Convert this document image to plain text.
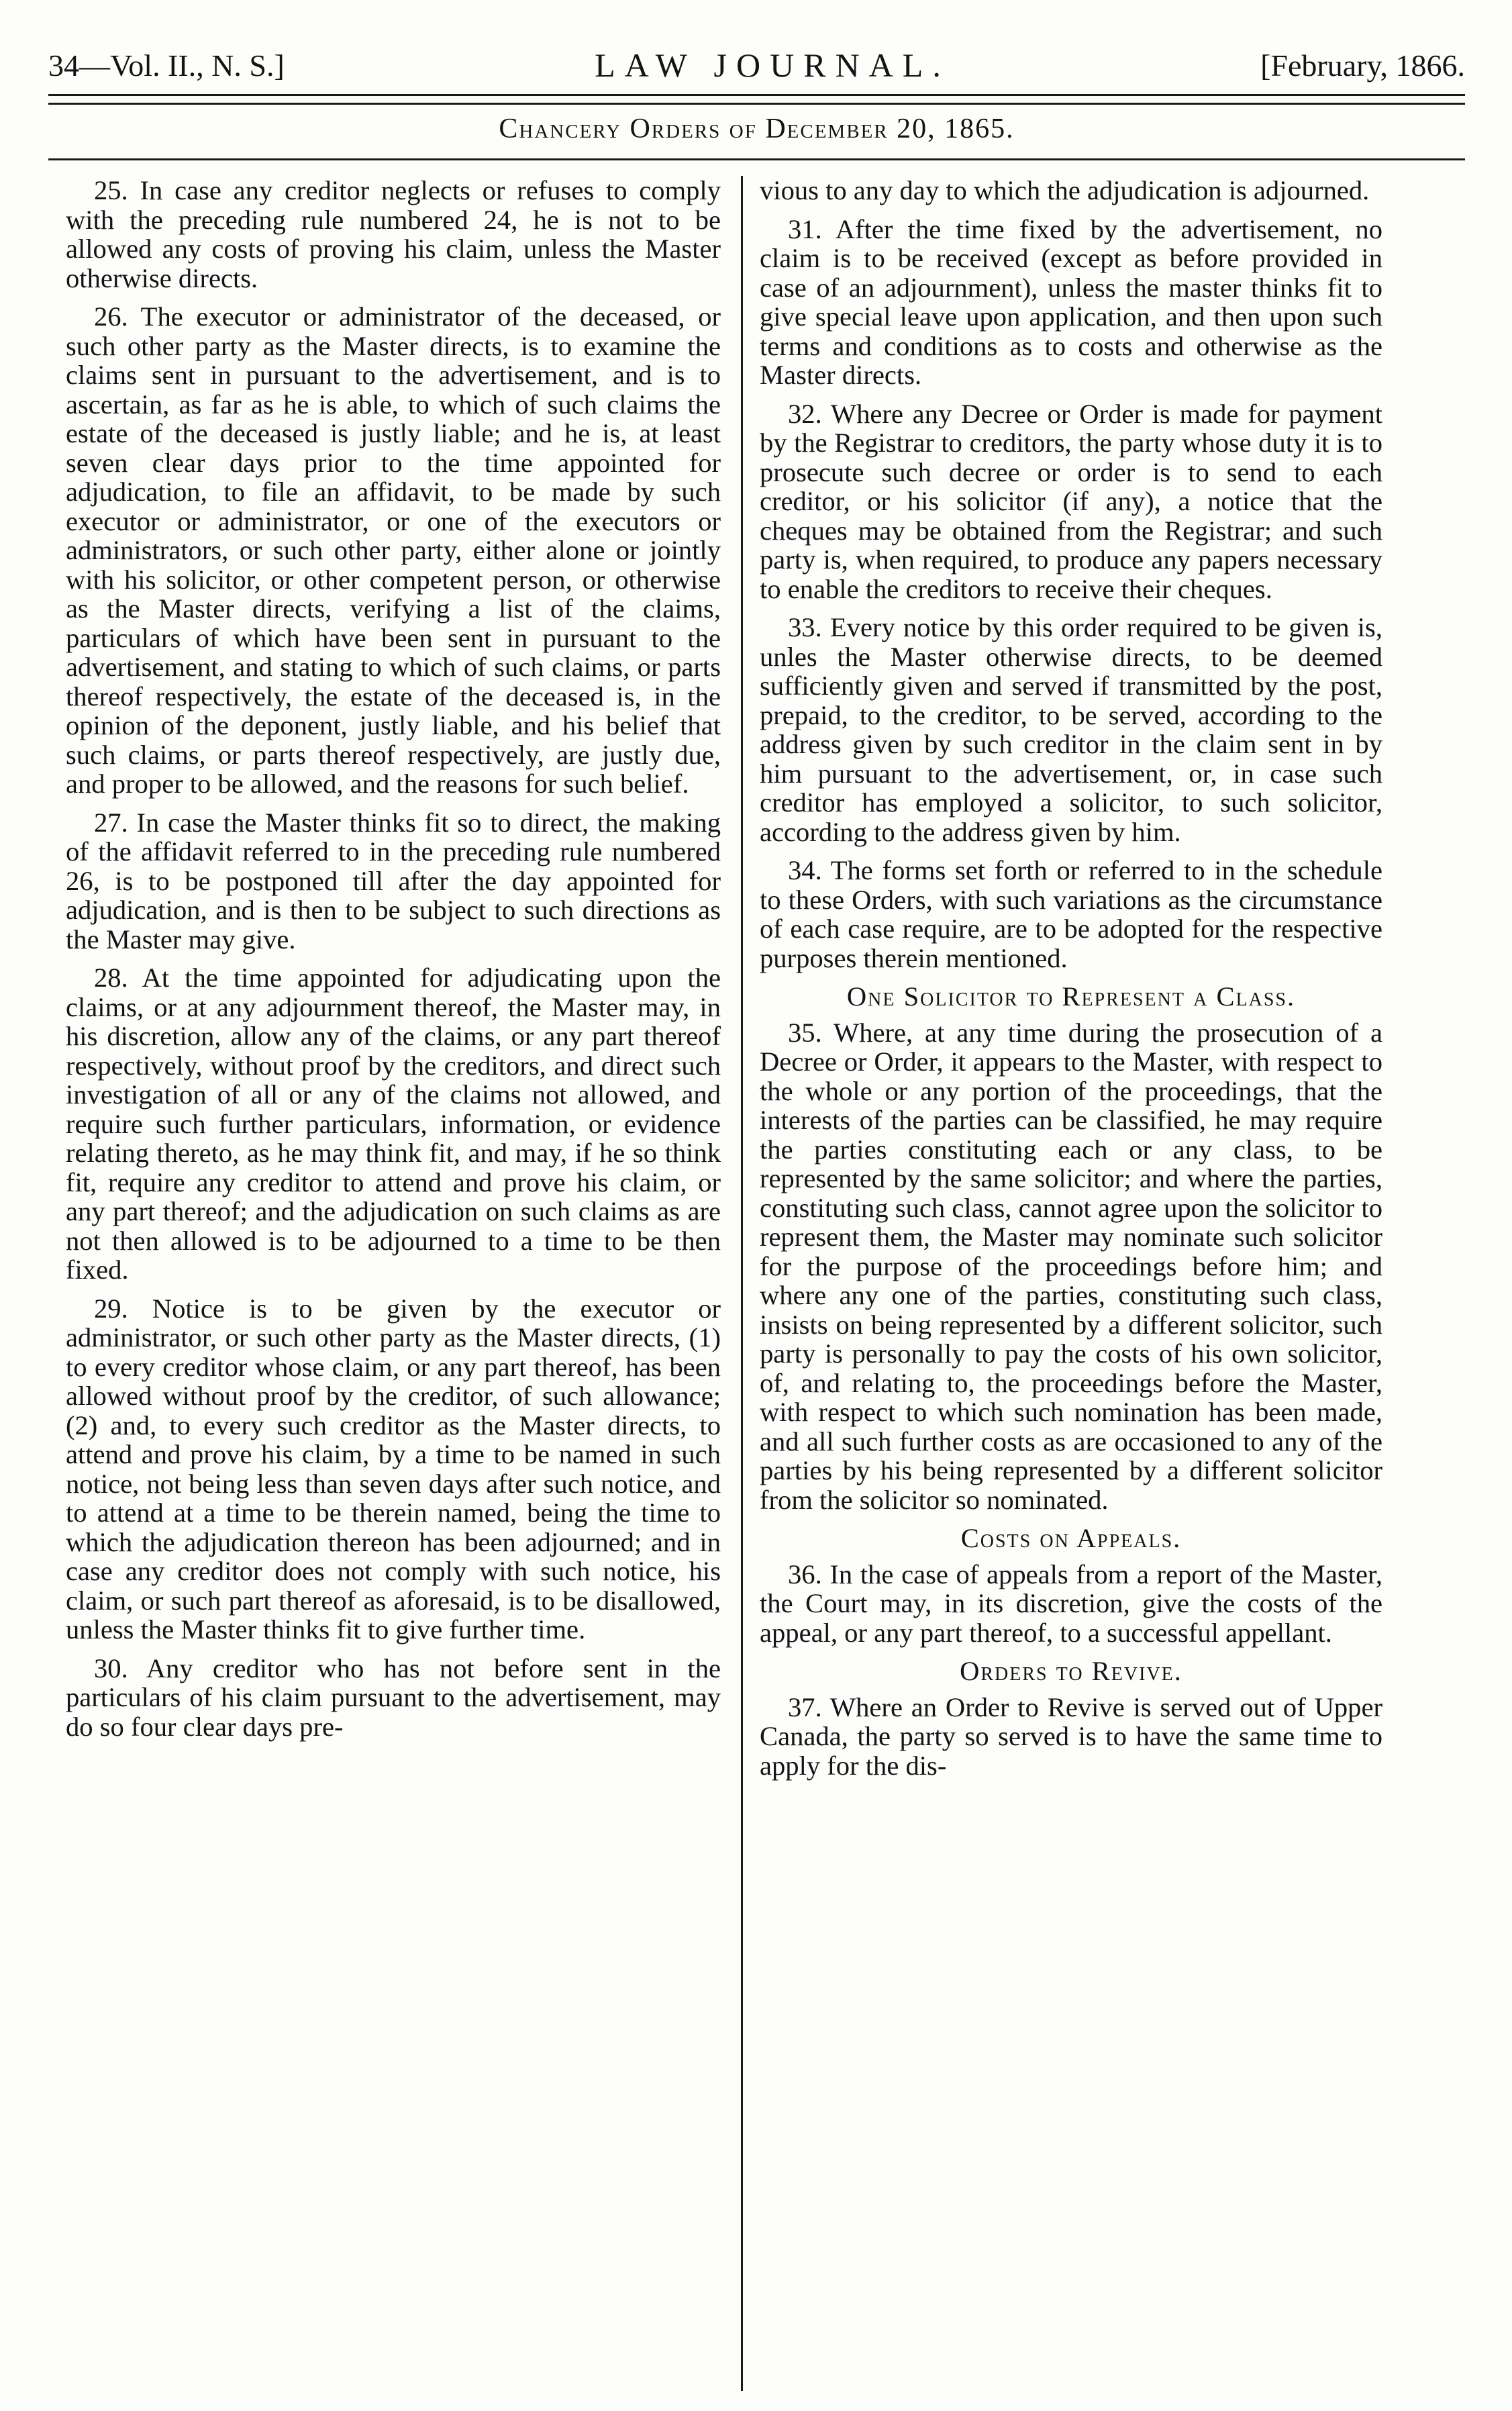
34—Vol. II., N. S.]	LAW JOURNAL.	[February, 1866.
Chancery Orders of December 20, 1865.

25. In case any creditor neglects or refuses to comply with the preceding rule numbered 24, he is not to be allowed any costs of proving his claim, unless the Master otherwise directs.

26. The executor or administrator of the deceased, or such other party as the Master directs, is to examine the claims sent in pursuant to the advertisement, and is to ascertain, as far as he is able, to which of such claims the estate of the deceased is justly liable; and he is, at least seven clear days prior to the time appointed for adjudication, to file an affidavit, to be made by such executor or administrator, or one of the executors or administrators, or such other party, either alone or jointly with his solicitor, or other competent person, or otherwise as the Master directs, verifying a list of the claims, particulars of which have been sent in pursuant to the advertisement, and stating to which of such claims, or parts thereof respectively, the estate of the deceased is, in the opinion of the deponent, justly liable, and his belief that such claims, or parts thereof respectively, are justly due, and proper to be allowed, and the reasons for such belief.

27. In case the Master thinks fit so to direct, the making of the affidavit referred to in the preceding rule numbered 26, is to be postponed till after the day appointed for adjudication, and is then to be subject to such directions as the Master may give.

28. At the time appointed for adjudicating upon the claims, or at any adjournment thereof, the Master may, in his discretion, allow any of the claims, or any part thereof respectively, without proof by the creditors, and direct such investigation of all or any of the claims not allowed, and require such further particulars, information, or evidence relating thereto, as he may think fit, and may, if he so think fit, require any creditor to attend and prove his claim, or any part thereof; and the adjudication on such claims as are not then allowed is to be adjourned to a time to be then fixed.

29. Notice is to be given by the executor or administrator, or such other party as the Master directs, (1) to every creditor whose claim, or any part thereof, has been allowed without proof by the creditor, of such allowance; (2) and, to every such creditor as the Master directs, to attend and prove his claim, by a time to be named in such notice, not being less than seven days after such notice, and to attend at a time to be therein named, being the time to which the adjudication thereon has been adjourned; and in case any creditor does not comply with such notice, his claim, or such part thereof as aforesaid, is to be disallowed, unless the Master thinks fit to give further time.

30. Any creditor who has not before sent in the particulars of his claim pursuant to the advertisement, may do so four clear days pre-

vious to any day to which the adjudication is adjourned.

31. After the time fixed by the advertisement, no claim is to be received (except as before provided in case of an adjournment), unless the master thinks fit to give special leave upon application, and then upon such terms and conditions as to costs and otherwise as the Master directs.

32. Where any Decree or Order is made for payment by the Registrar to creditors, the party whose duty it is to prosecute such decree or order is to send to each creditor, or his solicitor (if any), a notice that the cheques may be obtained from the Registrar; and such party is, when required, to produce any papers necessary to enable the creditors to receive their cheques.

33. Every notice by this order required to be given is, unles the Master otherwise directs, to be deemed sufficiently given and served if transmitted by the post, prepaid, to the creditor, to be served, according to the address given by such creditor in the claim sent in by him pursuant to the advertisement, or, in case such creditor has employed a solicitor, to such solicitor, according to the address given by him.

34. The forms set forth or referred to in the schedule to these Orders, with such variations as the circumstance of each case require, are to be adopted for the respective purposes therein mentioned.

One Solicitor to Represent a Class.

35. Where, at any time during the prosecution of a Decree or Order, it appears to the Master, with respect to the whole or any portion of the proceedings, that the interests of the parties can be classified, he may require the parties constituting each or any class, to be represented by the same solicitor; and where the parties, constituting such class, cannot agree upon the solicitor to represent them, the Master may nominate such solicitor for the purpose of the proceedings before him; and where any one of the parties, constituting such class, insists on being represented by a different solicitor, such party is personally to pay the costs of his own solicitor, of, and relating to, the proceedings before the Master, with respect to which such nomination has been made, and all such further costs as are occasioned to any of the parties by his being represented by a different solicitor from the solicitor so nominated.

Costs on Appeals.

36. In the case of appeals from a report of the Master, the Court may, in its discretion, give the costs of the appeal, or any part thereof, to a successful appellant.

Orders to Revive.

37. Where an Order to Revive is served out of Upper Canada, the party so served is to have the same time to apply for the dis-
